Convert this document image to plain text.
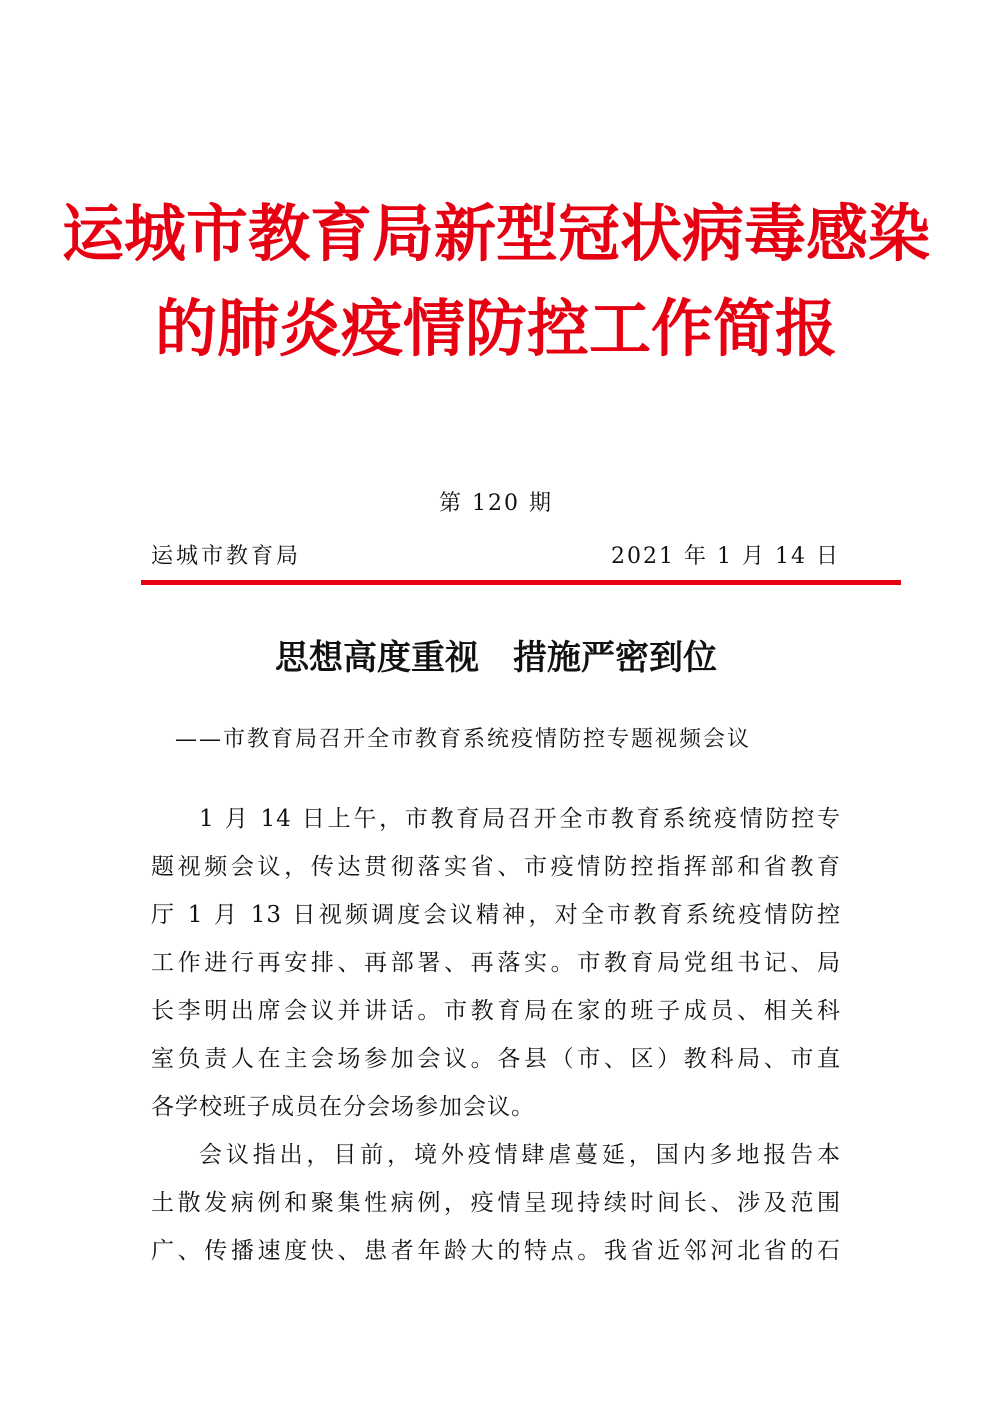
运城市教育局新型冠状病毒感染
的肺炎疫情防控工作简报
第 120 期
运城市教育局	2021 年 1 月 14 日
思想高度重视　措施严密到位
——市教育局召开全市教育系统疫情防控专题视频会议
1 月 14 日上午，市教育局召开全市教育系统疫情防控专
题视频会议，传达贯彻落实省、市疫情防控指挥部和省教育
厅 1 月 13 日视频调度会议精神，对全市教育系统疫情防控
工作进行再安排、再部署、再落实。市教育局党组书记、局
长李明出席会议并讲话。市教育局在家的班子成员、相关科
室负责人在主会场参加会议。各县（市、区）教科局、市直
各学校班子成员在分会场参加会议。
会议指出，目前，境外疫情肆虐蔓延，国内多地报告本
土散发病例和聚集性病例，疫情呈现持续时间长、涉及范围
广、传播速度快、患者年龄大的特点。我省近邻河北省的石
